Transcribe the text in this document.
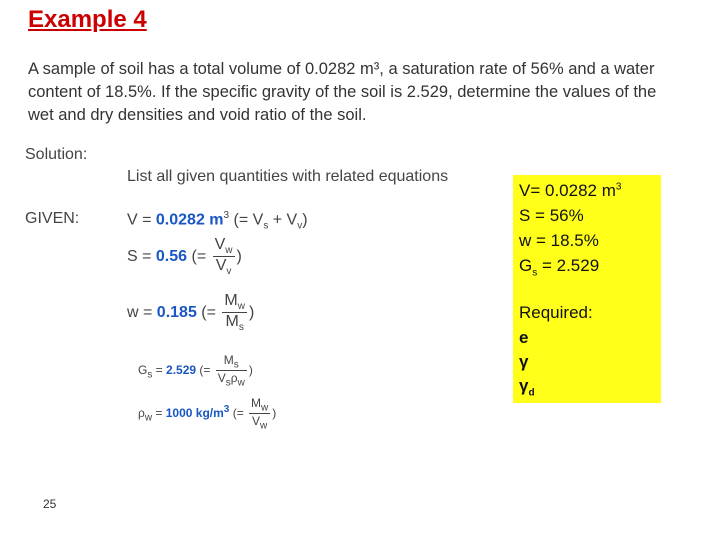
Example 4
A sample of soil has a total volume of 0.0282 m³, a saturation rate of 56% and a water content of 18.5%. If the specific gravity of the soil is 2.529, determine the values of the wet and dry densities and void ratio of the soil.
Solution:
List all given quantities with related equations
GIVEN:	V = 0.0282 $m^3$ (= $V_s + V_v$)
S = 0.56 (= $\frac{V_w}{V_v}$ )
w = 0.185 (= $\frac{M_w}{M_s}$ )
$G_s = 2.529$ (= $\frac{M_s}{V_s\rho_w}$ )
$\rho_w = 1000$ $kg/m^3$ (= $\frac{M_w}{V_w}$ )
V= 0.0282 $m^3$
S = 56%
w = 18.5%
$G_s = 2.529$
Required:
e
γ
$\gamma_d$
25
